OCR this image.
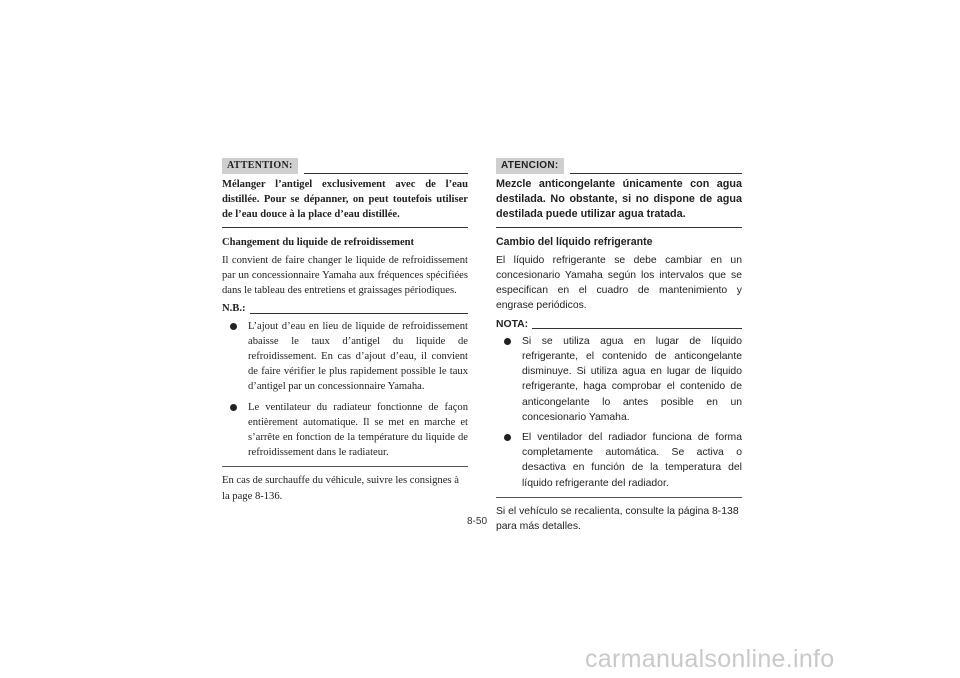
ATTENTION:

Mélanger l’antigel exclusivement avec de l’eau distillée. Pour se dépanner, on peut toutefois utiliser de l’eau douce à la place d’eau distillée.

Changement du liquide de refroidissement

Il convient de faire changer le liquide de refroidissement par un concessionnaire Yamaha aux fréquences spécifiées dans le tableau des entretiens et graissages périodiques.

N.B.:
L’ajout d’eau en lieu de liquide de refroidissement abaisse le taux d’antigel du liquide de refroidissement. En cas d’ajout d’eau, il convient de faire vérifier le plus rapidement possible le taux d’antigel par un concessionnaire Yamaha.
Le ventilateur du radiateur fonctionne de façon entièrement automatique. Il se met en marche et s’arrête en fonction de la température du liquide de refroidissement dans le radiateur.

En cas de surchauffe du véhicule, suivre les consignes à la page 8-136.

ATENCION:

Mezcle anticongelante únicamente con agua destilada. No obstante, si no dispone de agua destilada puede utilizar agua tratada.

Cambio del líquido refrigerante

El líquido refrigerante se debe cambiar en un concesionario Yamaha según los intervalos que se especifican en el cuadro de mantenimiento y engrase periódicos.

NOTA:
Si se utiliza agua en lugar de líquido refrigerante, el contenido de anticongelante disminuye. Si utiliza agua en lugar de líquido refrigerante, haga comprobar el contenido de anticongelante lo antes posible en un concesionario Yamaha.
El ventilador del radiador funciona de forma completamente automática. Se activa o desactiva en función de la temperatura del líquido refrigerante del radiador.

Si el vehículo se recalienta, consulte la página 8-138 para más detalles.

8-50
carmanualsonline.info
